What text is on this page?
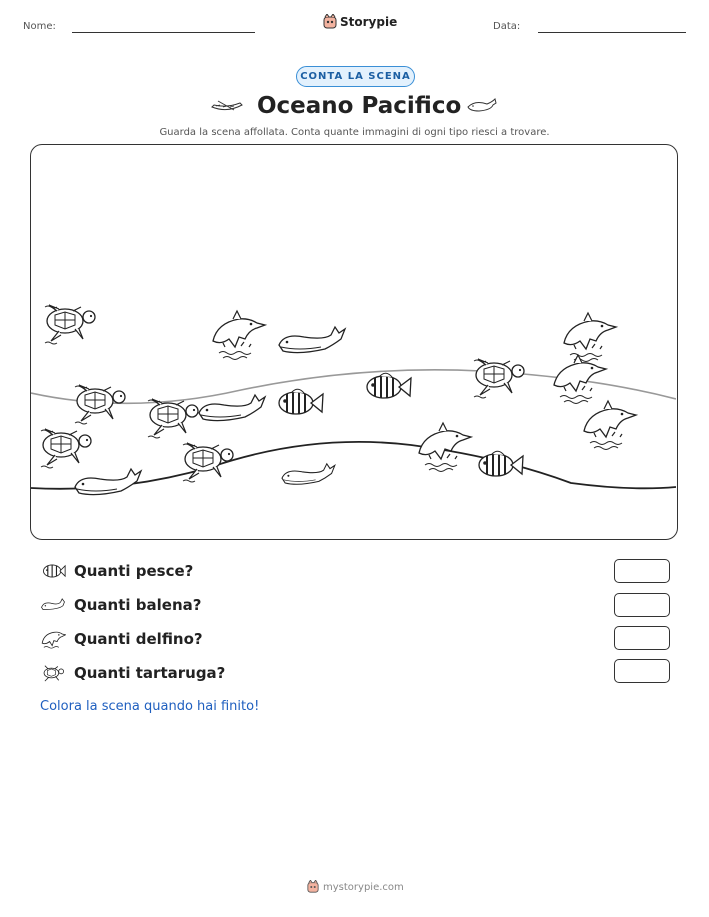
Nome:	Storypie	Data:
CONTA LA SCENA
Oceano Pacifico
Guarda la scena affollata. Conta quante immagini di ogni tipo riesci a trovare.
Quanti pesce?
Quanti balena?
Quanti delfino?
Quanti tartaruga?
Colora la scena quando hai finito!
mystorypie.com
